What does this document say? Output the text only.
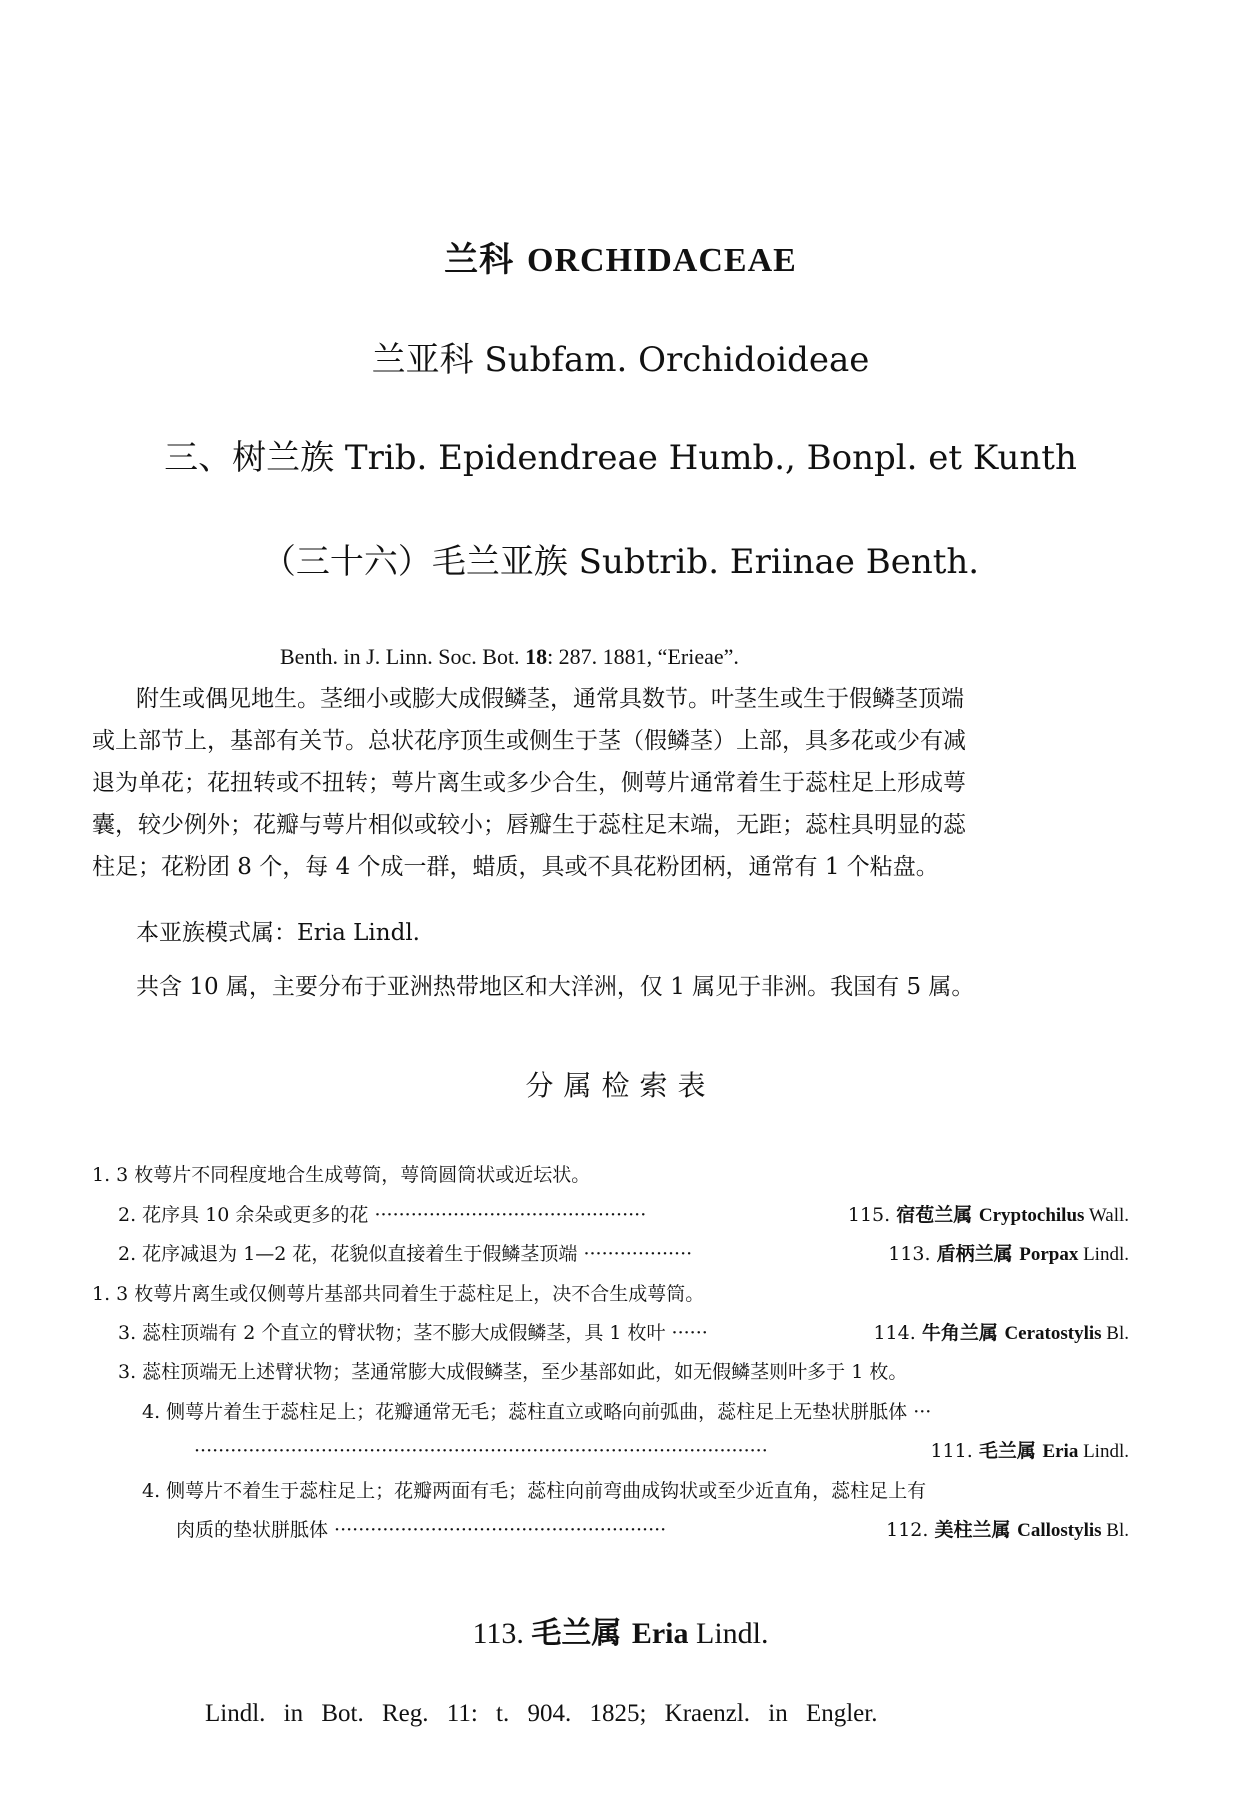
兰科 ORCHIDACEAE
兰亚科 Subfam. Orchidoideae
三、树兰族 Trib. Epidendreae Humb., Bonpl. et Kunth
（三十六）毛兰亚族 Subtrib. Eriinae Benth.
Benth. in J. Linn. Soc. Bot. 18: 287. 1881, “Erieae”.
附生或偶见地生。茎细小或膨大成假鳞茎，通常具数节。叶茎生或生于假鳞茎顶端
或上部节上，基部有关节。总状花序顶生或侧生于茎（假鳞茎）上部，具多花或少有减
退为单花；花扭转或不扭转；萼片离生或多少合生，侧萼片通常着生于蕊柱足上形成萼
囊，较少例外；花瓣与萼片相似或较小；唇瓣生于蕊柱足末端，无距；蕊柱具明显的蕊
柱足；花粉团 8 个，每 4 个成一群，蜡质，具或不具花粉团柄，通常有 1 个粘盘。
本亚族模式属：Eria Lindl.
共含 10 属，主要分布于亚洲热带地区和大洋洲，仅 1 属见于非洲。我国有 5 属。
分属检索表
1. 3 枚萼片不同程度地合生成萼筒，萼筒圆筒状或近坛状。
2. 花序具 10 余朵或更多的花 ·············································	115. 宿苞兰属 Cryptochilus Wall.
2. 花序减退为 1—2 花，花貌似直接着生于假鳞茎顶端 ··················	113. 盾柄兰属 Porpax Lindl.
1. 3 枚萼片离生或仅侧萼片基部共同着生于蕊柱足上，决不合生成萼筒。
3. 蕊柱顶端有 2 个直立的臂状物；茎不膨大成假鳞茎，具 1 枚叶 ······	114. 牛角兰属 Ceratostylis Bl.
3. 蕊柱顶端无上述臂状物；茎通常膨大成假鳞茎，至少基部如此，如无假鳞茎则叶多于 1 枚。
4. 侧萼片着生于蕊柱足上；花瓣通常无毛；蕊柱直立或略向前弧曲，蕊柱足上无垫状胼胝体 ···
·······························································································	111. 毛兰属 Eria Lindl.
4. 侧萼片不着生于蕊柱足上；花瓣两面有毛；蕊柱向前弯曲成钩状或至少近直角，蕊柱足上有
肉质的垫状胼胝体 ·······················································	112. 美柱兰属 Callostylis Bl.
113. 毛兰属 Eria Lindl.
Lindl. in Bot. Reg. 11: t. 904. 1825; Kraenzl. in Engler.
